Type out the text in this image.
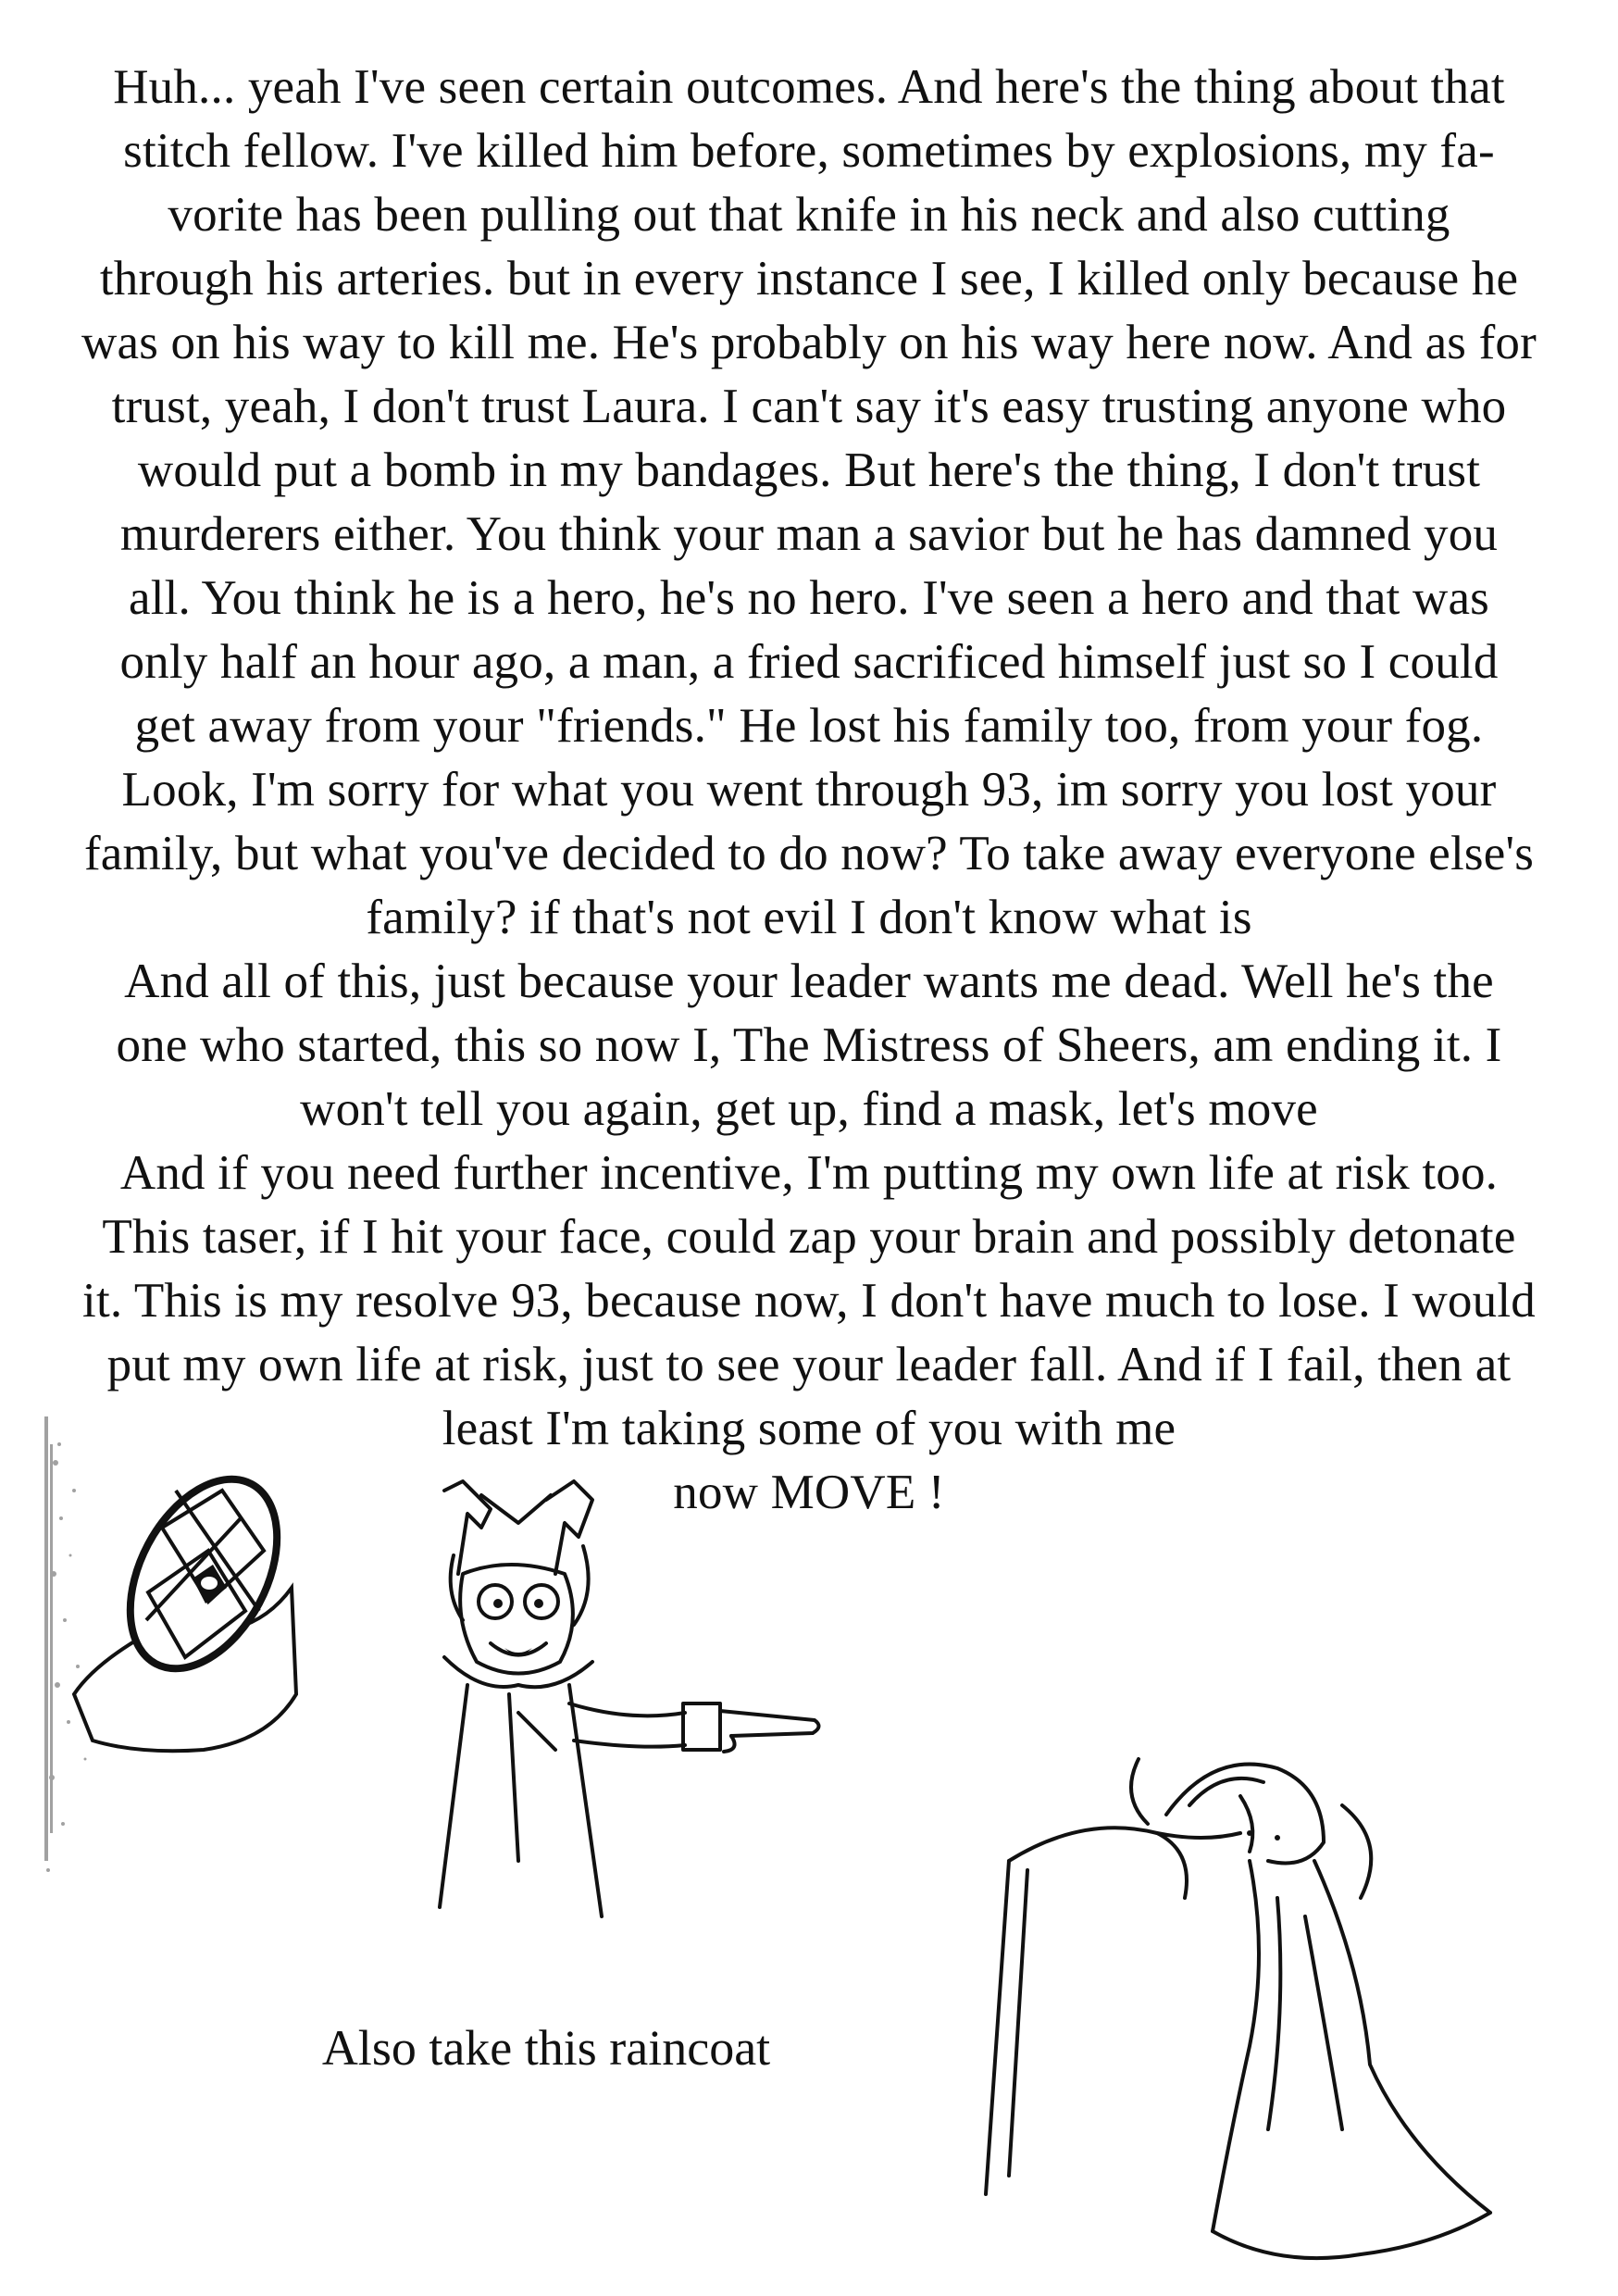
Huh... yeah I've seen certain outcomes. And here's the thing about that
stitch fellow. I've killed him before, sometimes by explosions, my fa-
vorite has been pulling out that knife in his neck and also cutting
through his arteries. but in every instance I see, I killed only because he
was on his way to kill me. He's probably on his way here now. And as for
trust, yeah, I don't trust Laura. I can't say it's easy trusting anyone who
would put a bomb in my bandages. But here's the thing, I don't trust
murderers either. You think your man a savior but he has damned you
all. You think he is a hero, he's no hero. I've seen a hero and that was
only half an hour ago, a man, a fried sacrificed himself just so I could
get away from your "friends." He lost his family too, from your fog.
Look, I'm sorry for what you went through 93, im sorry you lost your
family, but what you've decided to do now? To take away everyone else's
family? if that's not evil I don't know what is
And all of this, just because your leader wants me dead. Well he's the
one who started, this so now I, The Mistress of Sheers, am ending it. I
won't tell you again, get up, find a mask, let's move
And if you need further incentive, I'm putting my own life at risk too.
This taser, if I hit your face, could zap your brain and possibly detonate
it. This is my resolve 93, because now, I don't have much to lose. I would
put my own life at risk, just to see your leader fall. And if I fail, then at
least I'm taking some of you with me
now MOVE !
Also take this raincoat
